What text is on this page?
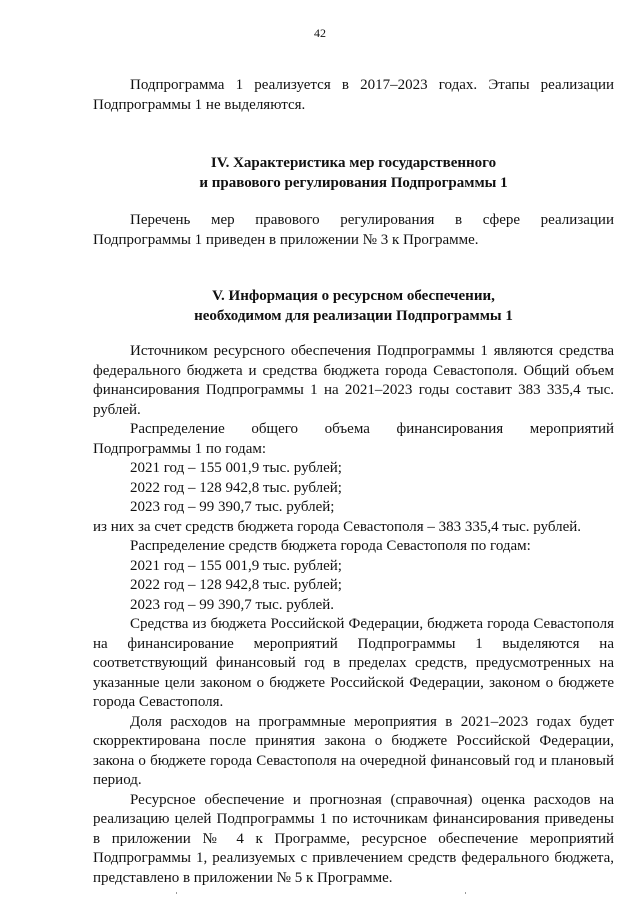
42

Подпрограмма 1 реализуется в 2017–2023 годах. Этапы реализации Подпрограммы 1 не выделяются.

IV. Характеристика мер государственного
и правового регулирования Подпрограммы 1

Перечень мер правового регулирования в сфере реализации Подпрограммы 1 приведен в приложении № 3 к Программе.

V. Информация о ресурсном обеспечении,
необходимом для реализации Подпрограммы 1

Источником ресурсного обеспечения Подпрограммы 1 являются средства федерального бюджета и средства бюджета города Севастополя. Общий объем финансирования Подпрограммы 1 на 2021–2023 годы составит 383 335,4 тыс. рублей.

Распределение общего объема финансирования мероприятий Подпрограммы 1 по годам:

2021 год – 155 001,9 тыс. рублей;

2022 год – 128 942,8 тыс. рублей;

2023 год – 99 390,7 тыс. рублей;

из них за счет средств бюджета города Севастополя – 383 335,4 тыс. рублей.

Распределение средств бюджета города Севастополя по годам:

2021 год – 155 001,9 тыс. рублей;

2022 год – 128 942,8 тыс. рублей;

2023 год – 99 390,7 тыс. рублей.

Средства из бюджета Российской Федерации, бюджета города Севастополя на финансирование мероприятий Подпрограммы 1 выделяются на соответствующий финансовый год в пределах средств, предусмотренных на указанные цели законом о бюджете Российской Федерации, законом о бюджете города Севастополя.

Доля расходов на программные мероприятия в 2021–2023 годах будет скорректирована после принятия закона о бюджете Российской Федерации, закона о бюджете города Севастополя на очередной финансовый год и плановый период.

Ресурсное обеспечение и прогнозная (справочная) оценка расходов на реализацию целей Подпрограммы 1 по источникам финансирования приведены в приложении № 4 к Программе, ресурсное обеспечение мероприятий Подпрограммы 1, реализуемых с привлечением средств федерального бюджета, представлено в приложении № 5 к Программе.
